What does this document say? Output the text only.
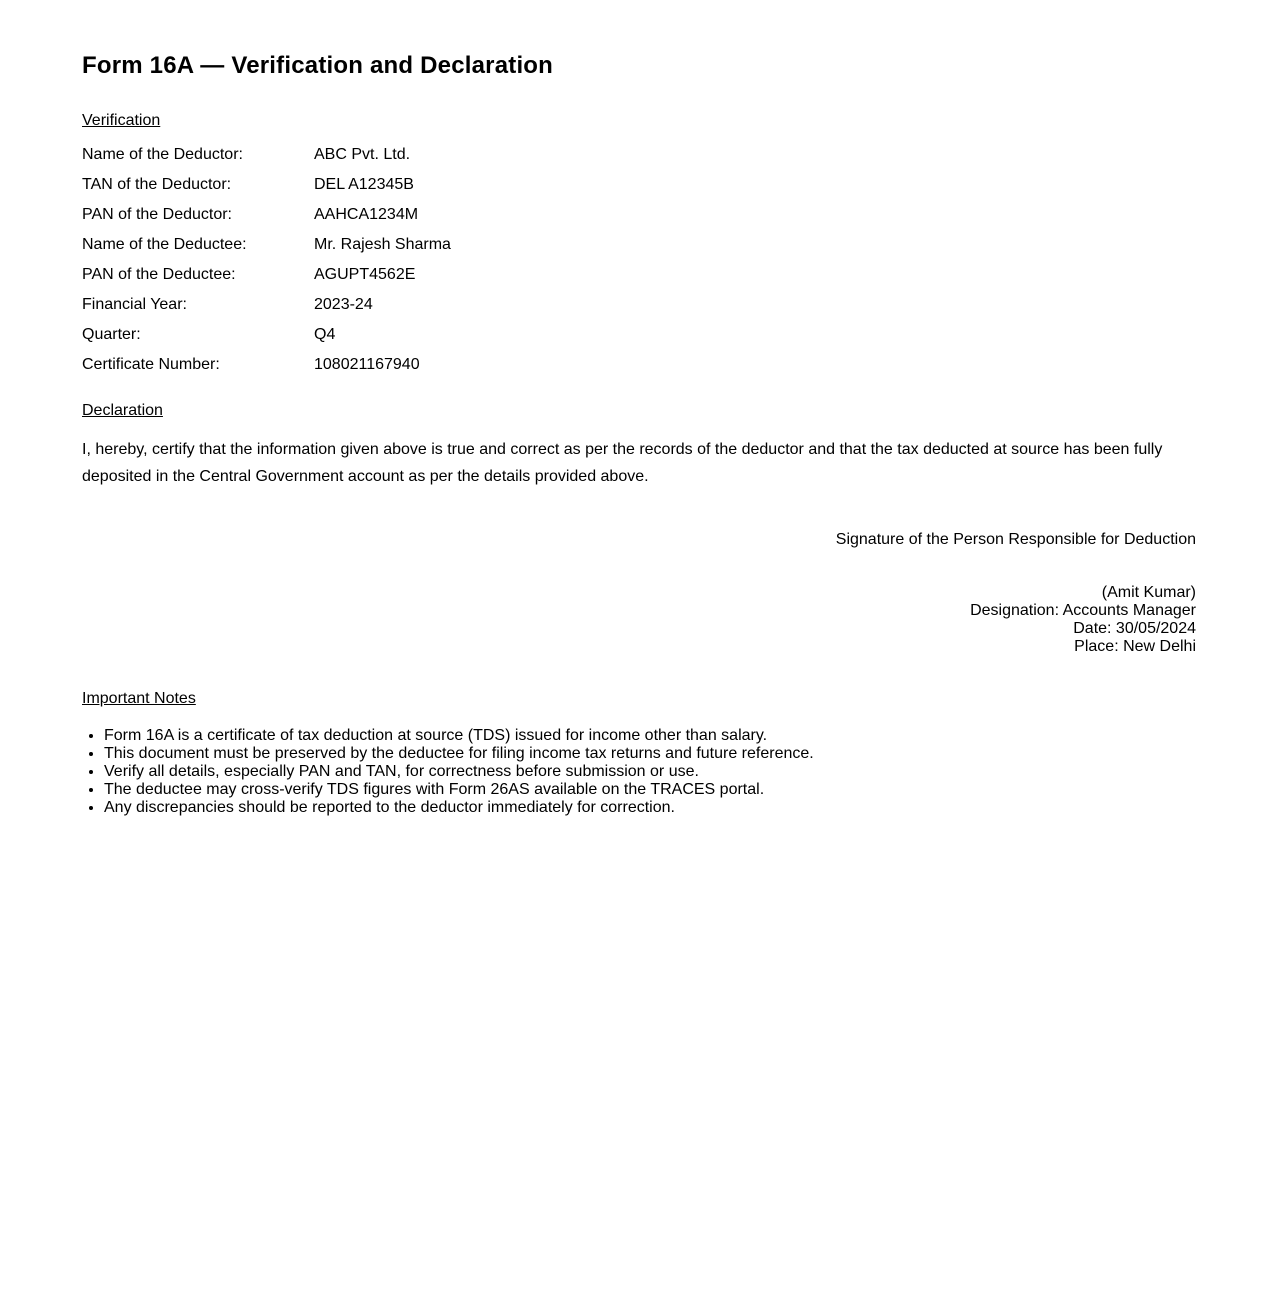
Form 16A — Verification and Declaration
Verification
Name of the Deductor:	ABC Pvt. Ltd.
TAN of the Deductor:	DEL A12345B
PAN of the Deductor:	AAHCA1234M
Name of the Deductee:	Mr. Rajesh Sharma
PAN of the Deductee:	AGUPT4562E
Financial Year:	2023-24
Quarter:	Q4
Certificate Number:	108021167940
Declaration

I, hereby, certify that the information given above is true and correct as per the records of the deductor and that the tax deducted at source has been fully deposited in the Central Government account as per the details provided above.

Signature of the Person Responsible for Deduction

(Amit Kumar)

Designation: Accounts Manager

Date: 30/05/2024

Place: New Delhi

Important Notes
• Form 16A is a certificate of tax deduction at source (TDS) issued for income other than salary.
• This document must be preserved by the deductee for filing income tax returns and future reference.
• Verify all details, especially PAN and TAN, for correctness before submission or use.
• The deductee may cross-verify TDS figures with Form 26AS available on the TRACES portal.
• Any discrepancies should be reported to the deductor immediately for correction.
